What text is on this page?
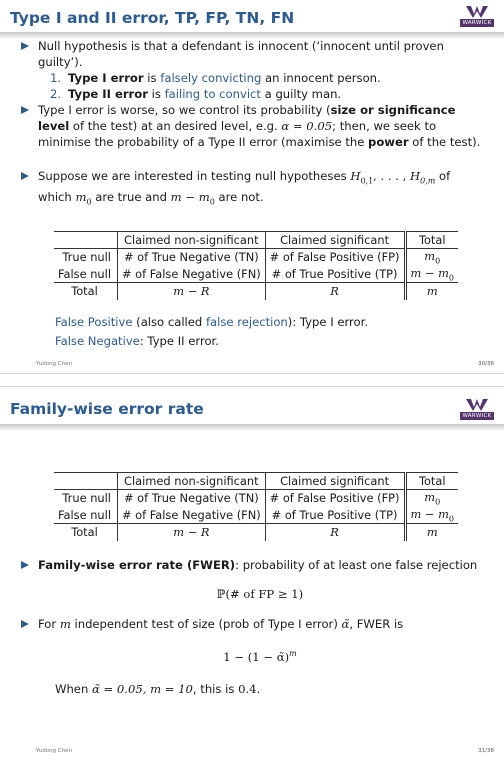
Type I and II error, TP, FP, TN, FN	WARWICK
Null hypothesis is that a defendant is innocent (‘innocent until proven guilty’).
1. Type I error is falsely convicting an innocent person.
2. Type II error is failing to convict a guilty man.
Type I error is worse, so we control its probability (size or significance level of the test) at an desired level, e.g. α = 0.05; then, we seek to minimise the probability of a Type II error (maximise the power of the test).
Suppose we are interested in testing null hypotheses $H_{0,1}$, . . . , $H_{0,m}$ of which $m_0$ are true and $m - m_0$ are not.
	Claimed non-significant	Claimed significant	Total
True null	# of True Negative (TN)	# of False Positive (FP)	$m_0$
False null	# of False Negative (FN)	# of True Positive (TP)	$m - m_0$
Total	m − R	R	m
False Positive (also called false rejection): Type I error.
False Negative: Type II error.
Yudong Chen	30/36
Family-wise error rate	WARWICK
	Claimed non-significant	Claimed significant	Total
True null	# of True Negative (TN)	# of False Positive (FP)	$m_0$
False null	# of False Negative (FN)	# of True Positive (TP)	$m - m_0$
Total	m − R	R	m
Family-wise error rate (FWER): probability of at least one false rejection
ℙ(# of FP ≥ 1)
For m independent test of size (prob of Type I error) α̃, FWER is
1 − (1 − α̃)$^m$
When α̃ = 0.05, m = 10, this is 0.4.
Yudong Chen	31/36
